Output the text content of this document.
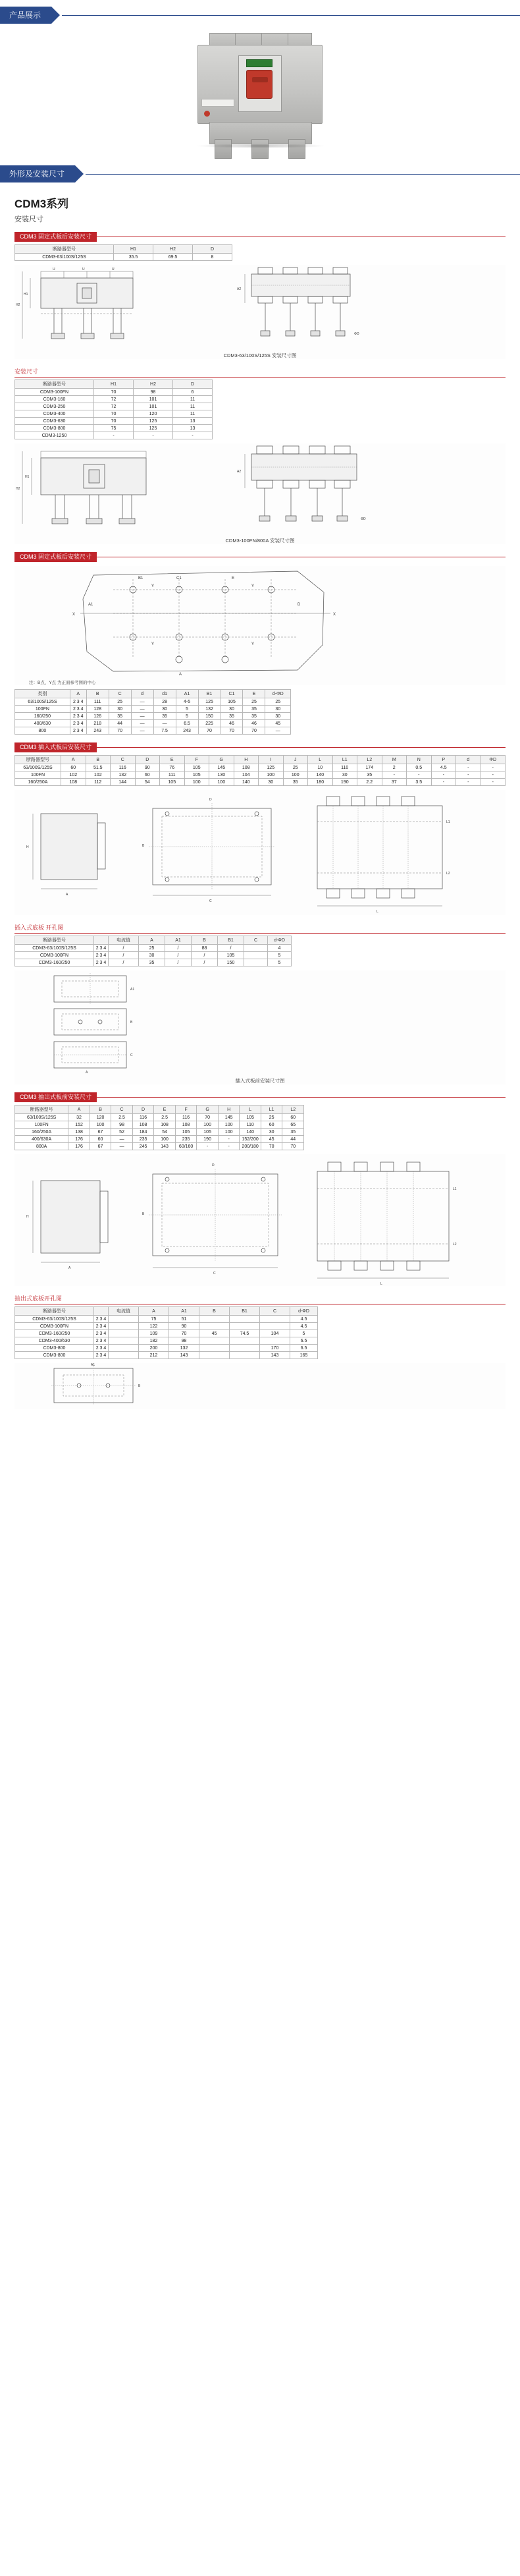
产品展示
外形及安装尺寸
CDM3系列
安装尺寸
CDM3 固定式板后安装尺寸
断路器型号	H1	H2	D
CDM3-63/100S/125S	35.5	69.5	8
H1
H2
U	U	U
A2
ΦD
CDM3-63/100S/125S 安装尺寸图
安装尺寸
断路器型号	H1	H2	D
CDM3-100FN	70	98	6
CDM3-160	72	101	11
CDM3-250	72	101	11
CDM3-400	70	120	11
CDM3-630	70	125	13
CDM3-800	75	125	13
CDM3-1250	-	-	-
H1
H2
A2
ΦD
CDM3-100FN/800A 安装尺寸图
CDM3 固定式板后安装尺寸
X	X
B1	C1	E
Y	Y
Y	Y
D
A1
A
注：B点、Y点 为正面参考图的中心
类别	A	B	C	d	d1	A1	B1	C1	E	d-ΦD
63/100S/125S	2 3 4	111	25	—	28	4-5	125	105	25	25
100FN	2 3 4	128	30	—	30	5	132	30	35	30
160/250	2 3 4	126	35	—	35	5	150	35	35	30
400/630	2 3 4	218	44	—	—	6.5	225	46	46	45
800	2 3 4	243	70	—	7.5	243	70	70	70	—
CDM3 插入式板后安装尺寸
断路器型号	A	B	C	D	E	F	G	H	I	J	L	L1	L2	M	N	P	d	ΦD
63/100S/125S	60	51.5	116	90	76	105	145	108	125	25	10	110	174	2	0.5	4.5	-	-
100FN	102	102	132	60	111	105	130	104	100	100	140	30	35	-	-	-	-	-
160/250A	108	112	144	54	105	100	100	140	30	35	180	190	2.2	37	3.5	-	-	-
H
A
D
B
C
L1
L2
L
插入式底板 开孔图
断路器型号		电流值	A	A1	B	B1	C	d-ΦD
CDM3-63/100S/125S	2 3 4	/	25	/	88	/		4
CDM3-100FN	2 3 4	/	30	/	/	105		5
CDM3-160/250	2 3 4	/	35	/	/	150		5
A1
B
C
A
插入式板前安装尺寸图
CDM3 抽出式板前安装尺寸
断路器型号	A	B	C	D	E	F	G	H	L	L1	L2
63/100S/125S	32	120	2.5	116	2.5	116	70	145	105	25	60
100FN	152	100	98	108	108	108	100	100	110	60	65
160/250A	138	67	52	184	54	105	105	100	140	30	35
400/630A	176	60	—	235	100	235	190	-	152/200	45	44
800A	176	67	—	245	143	60/160	-	-	200/180	70	70
H
A
D
B
C
L1
L2
L
抽出式底板开孔图
断路器型号		电流值	A	A1	B	B1	C	d-ΦD
CDM3-63/100S/125S	2 3 4		75	51				4.5
CDM3-100FN	2 3 4		122	90				4.5
CDM3-160/250	2 3 4		109	70	45	74.5	104	5
CDM3-400/630	2 3 4		182	98				6.5
CDM3-800	2 3 4		200	132			170	6.5
CDM3-800	2 3 4		212	143			143	165
A1
B
